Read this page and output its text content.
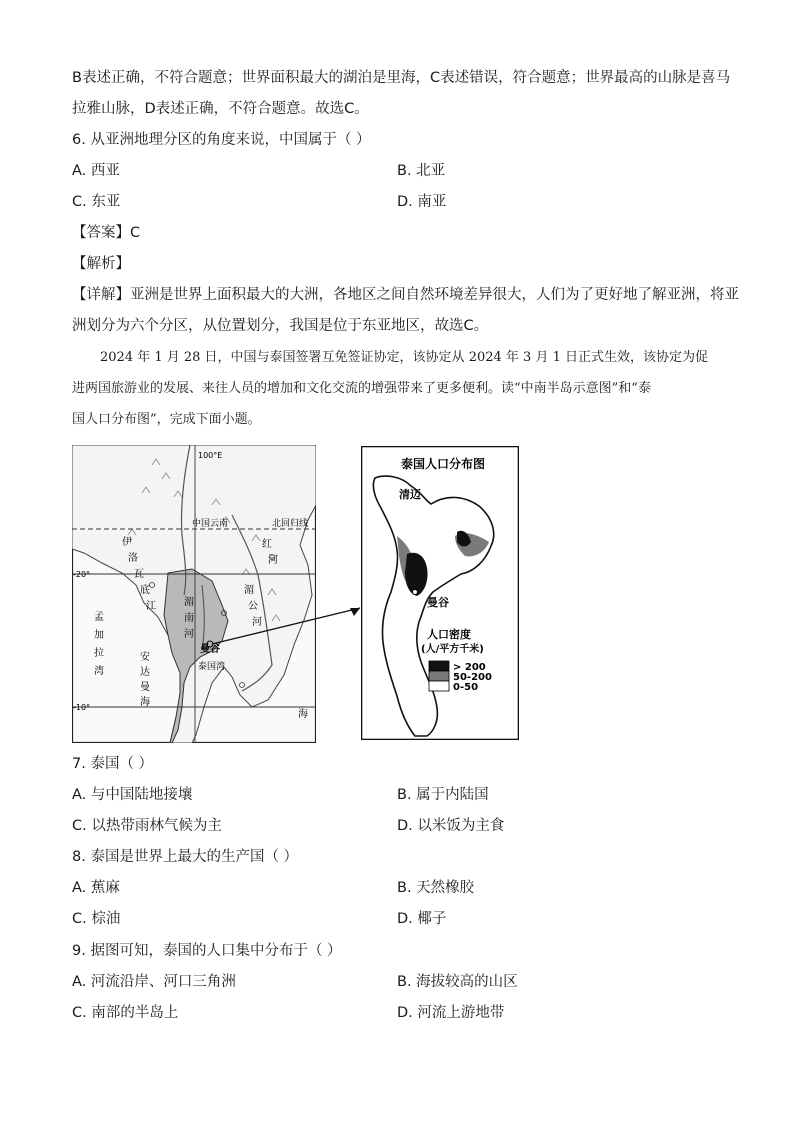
B表述正确，不符合题意；世界面积最大的湖泊是里海，C表述错误，符合题意；世界最高的山脉是喜马
拉雅山脉，D表述正确，不符合题意。故选C。
6. 从亚洲地理分区的角度来说，中国属于（ ）
A. 西亚	B. 北亚
C. 东亚	D. 南亚
【答案】C
【解析】
【详解】亚洲是世界上面积最大的大洲，各地区之间自然环境差异很大，人们为了更好地了解亚洲，将亚
洲划分为六个分区，从位置划分，我国是位于东亚地区，故选C。
2024 年 1 月 28 日，中国与泰国签署互免签证协定，该协定从 2024 年 3 月 1 日正式生效，该协定为促
进两国旅游业的发展、来往人员的增加和文化交流的增强带来了更多便利。读“中南半岛示意图”和“泰
国人口分布图”，完成下面小题。
100°E
-20°
-10°
中国云南	北回归线
曼谷
泰国湾
孟
加
拉
湾
安
达
曼
海
伊
洛
瓦
底
江
红
河
湄
南
河
湄
公
河
海
泰国人口分布图
清迈
曼谷
人口密度
(人/平方千米)
> 200
50-200
0-50
7. 泰国（ ）
A. 与中国陆地接壤	B. 属于内陆国
C. 以热带雨林气候为主	D. 以米饭为主食
8. 泰国是世界上最大的生产国（ ）
A. 蕉麻	B. 天然橡胶
C. 棕油	D. 椰子
9. 据图可知，泰国的人口集中分布于（ ）
A. 河流沿岸、河口三角洲	B. 海拔较高的山区
C. 南部的半岛上	D. 河流上游地带
